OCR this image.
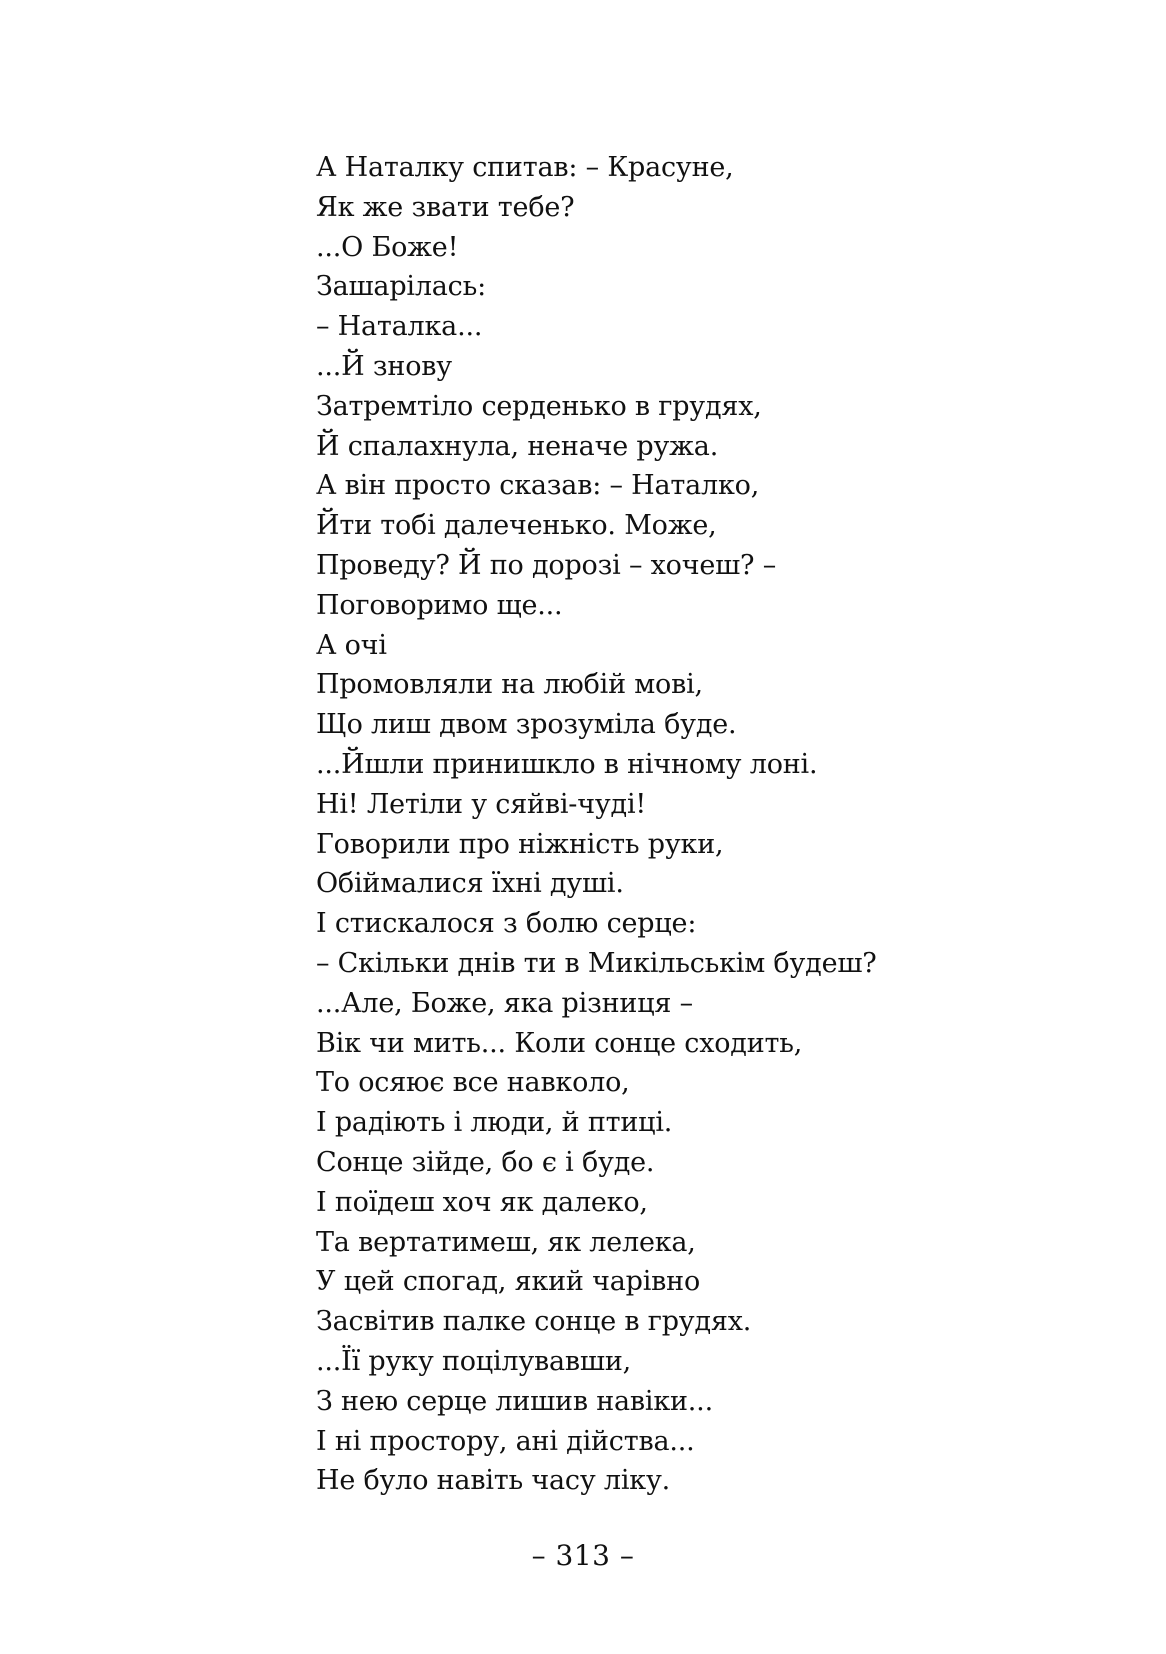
А Наталку спитав: – Красуне,
Як же звати тебе?
...О Боже!
Зашарілась:
– Наталка...
...Й знову
Затремтіло серденько в грудях,
Й спалахнула, неначе ружа.
А він просто сказав: – Наталко,
Йти тобі далеченько. Може,
Проведу? Й по дорозі – хочеш? –
Поговоримо ще...
А очі
Промовляли на любій мові,
Що лиш двом зрозуміла буде.
...Йшли принишкло в нічному лоні.
Ні! Летіли у сяйві-чуді!
Говорили про ніжність руки,
Обіймалися їхні душі.
І стискалося з болю серце:
– Скільки днів ти в Микільськім будеш?
...Але, Боже, яка різниця –
Вік чи мить... Коли сонце сходить,
То осяює все навколо,
І радіють і люди, й птиці.
Сонце зійде, бо є і буде.
І поїдеш хоч як далеко,
Та вертатимеш, як лелека,
У цей спогад, який чарівно
Засвітив палке сонце в грудях.
...Її руку поцілувавши,
З нею серце лишив навіки...
І ні простору, ані дійства...
Не було навіть часу ліку.
– 313 –
